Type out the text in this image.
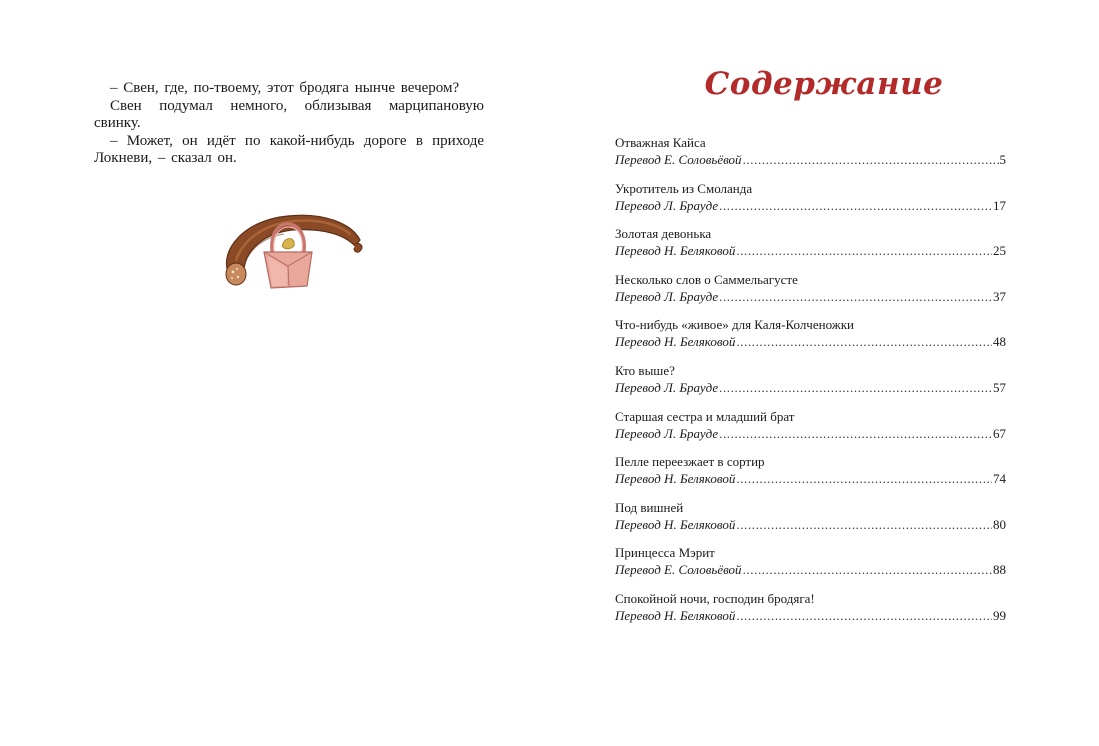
– Свен, где, по-твоему, этот бродяга нынче вечером?

Свен подумал немного, облизывая марципановую свинку.

– Может, он идёт по какой-нибудь дороге в приходе Локневи, – сказал он.

Содержание
Отважная Кайса
Перевод Е. Соловьёвой .....	5
Укротитель из Смоланда
Перевод Л. Брауде .....	17
Золотая девонька
Перевод Н. Беляковой .....	25
Несколько слов о Саммельагусте
Перевод Л. Брауде .....	37
Что-нибудь «живое» для Каля-Колченожки
Перевод Н. Беляковой .....	48
Кто выше?
Перевод Л. Брауде .....	57
Старшая сестра и младший брат
Перевод Л. Брауде .....	67
Пелле переезжает в сортир
Перевод Н. Беляковой .....	74
Под вишней
Перевод Н. Беляковой .....	80
Принцесса Мэрит
Перевод Е. Соловьёвой .....	88
Спокойной ночи, господин бродяга!
Перевод Н. Беляковой .....	99
